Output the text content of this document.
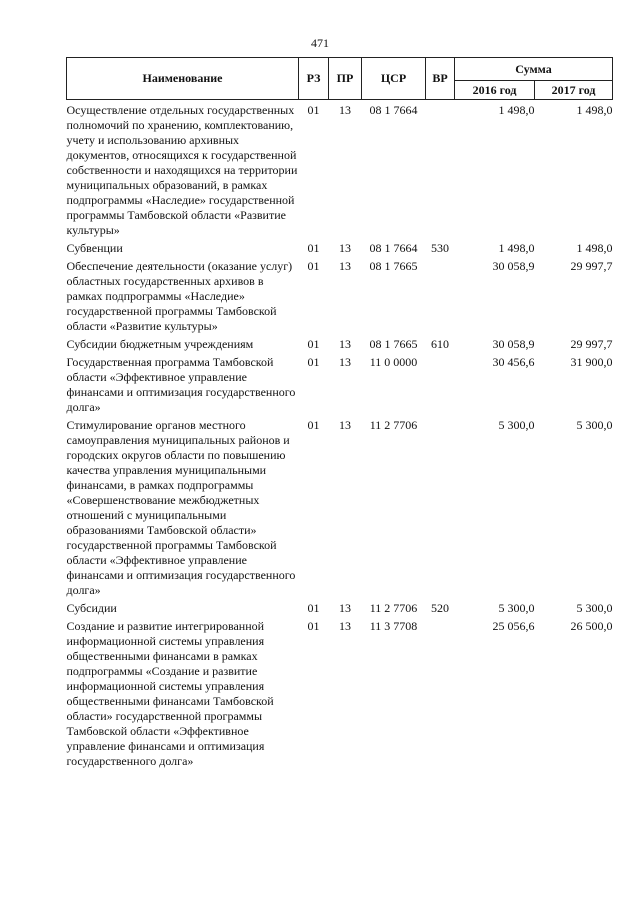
471
Наименование	РЗ	ПР	ЦСР	ВР	Сумма	
					2016 год	2017 год
Осуществление отдельных государственных полномочий по хранению, комплектованию, учету и использованию архивных документов, относящихся к государственной собственности и находящихся на территории муниципальных образований, в рамках подпрограммы «Наследие» государственной программы Тамбовской области «Развитие культуры»	01	13	08 1 7664		1 498,0	1 498,0
Субвенции	01	13	08 1 7664	530	1 498,0	1 498,0
Обеспечение деятельности (оказание услуг) областных государственных архивов в рамках подпрограммы «Наследие» государственной программы Тамбовской области «Развитие культуры»	01	13	08 1 7665		30 058,9	29 997,7
Субсидии бюджетным учреждениям	01	13	08 1 7665	610	30 058,9	29 997,7
Государственная программа Тамбовской области «Эффективное управление финансами и оптимизация государственного долга»	01	13	11 0 0000		30 456,6	31 900,0
Стимулирование органов местного самоуправления муниципальных районов и городских округов области по повышению качества управления муниципальными финансами, в рамках подпрограммы «Совершенствование межбюджетных отношений с муниципальными образованиями Тамбовской области» государственной программы Тамбовской области «Эффективное управление финансами и оптимизация государственного долга»	01	13	11 2 7706		5 300,0	5 300,0
Субсидии	01	13	11 2 7706	520	5 300,0	5 300,0
Создание и развитие интегрированной информационной системы управления общественными финансами в рамках подпрограммы «Создание и развитие информационной системы управления общественными финансами Тамбовской области» государственной программы Тамбовской области «Эффективное управление финансами и оптимизация государственного долга»	01	13	11 3 7708		25 056,6	26 500,0
